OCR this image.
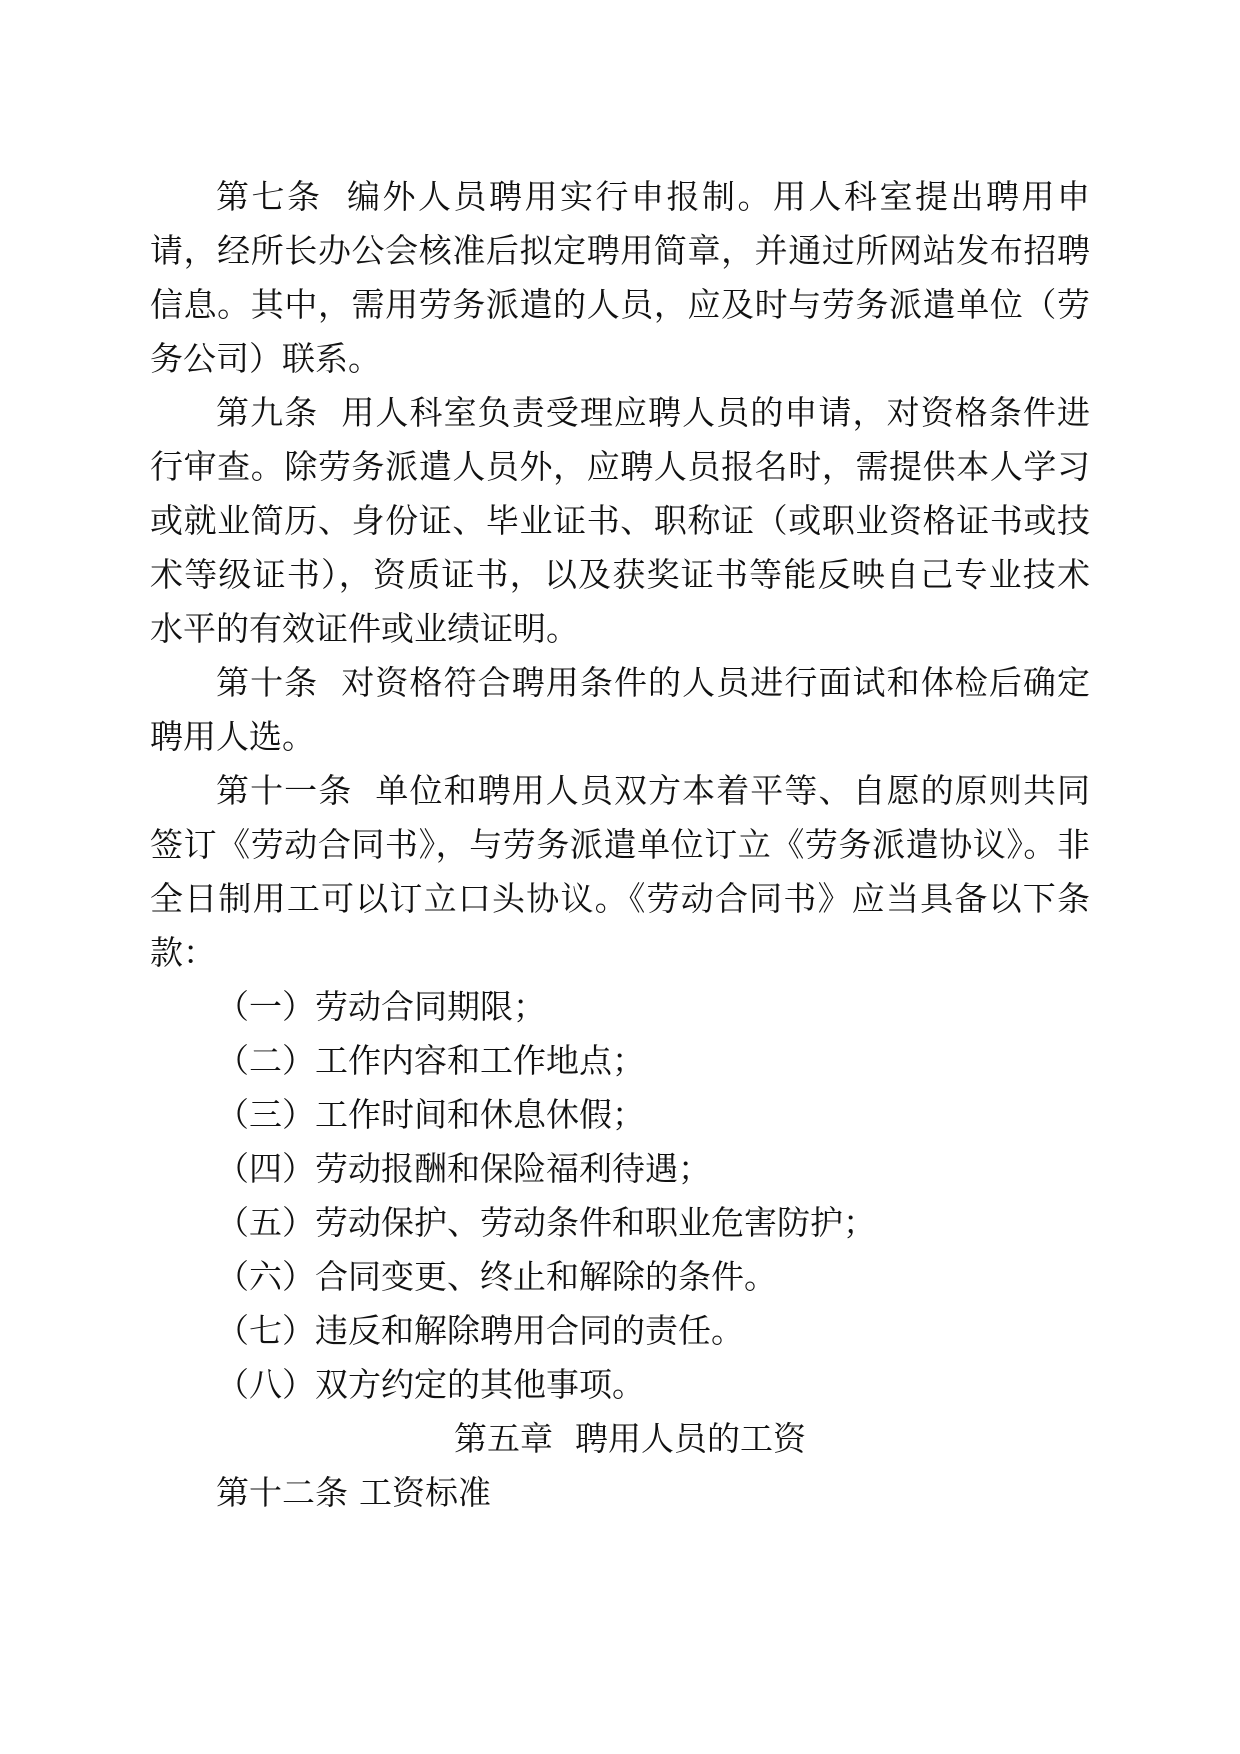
第七条 编外人员聘用实行申报制。用人科室提出聘用申请，经所长办公会核准后拟定聘用简章，并通过所网站发布招聘信息。其中，需用劳务派遣的人员，应及时与劳务派遣单位（劳务公司）联系。

第九条 用人科室负责受理应聘人员的申请，对资格条件进行审查。除劳务派遣人员外，应聘人员报名时，需提供本人学习或就业简历、身份证、毕业证书、职称证（或职业资格证书或技术等级证书），资质证书，以及获奖证书等能反映自己专业技术水平的有效证件或业绩证明。

第十条 对资格符合聘用条件的人员进行面试和体检后确定聘用人选。

第十一条 单位和聘用人员双方本着平等、自愿的原则共同签订《劳动合同书》，与劳务派遣单位订立《劳务派遣协议》。非全日制用工可以订立口头协议。《劳动合同书》应当具备以下条款：

（一）劳动合同期限；

（二）工作内容和工作地点；

（三）工作时间和休息休假；

（四）劳动报酬和保险福利待遇；

（五）劳动保护、劳动条件和职业危害防护；

（六）合同变更、终止和解除的条件。

（七）违反和解除聘用合同的责任。

（八）双方约定的其他事项。

第五章 聘用人员的工资

第十二条 工资标准
